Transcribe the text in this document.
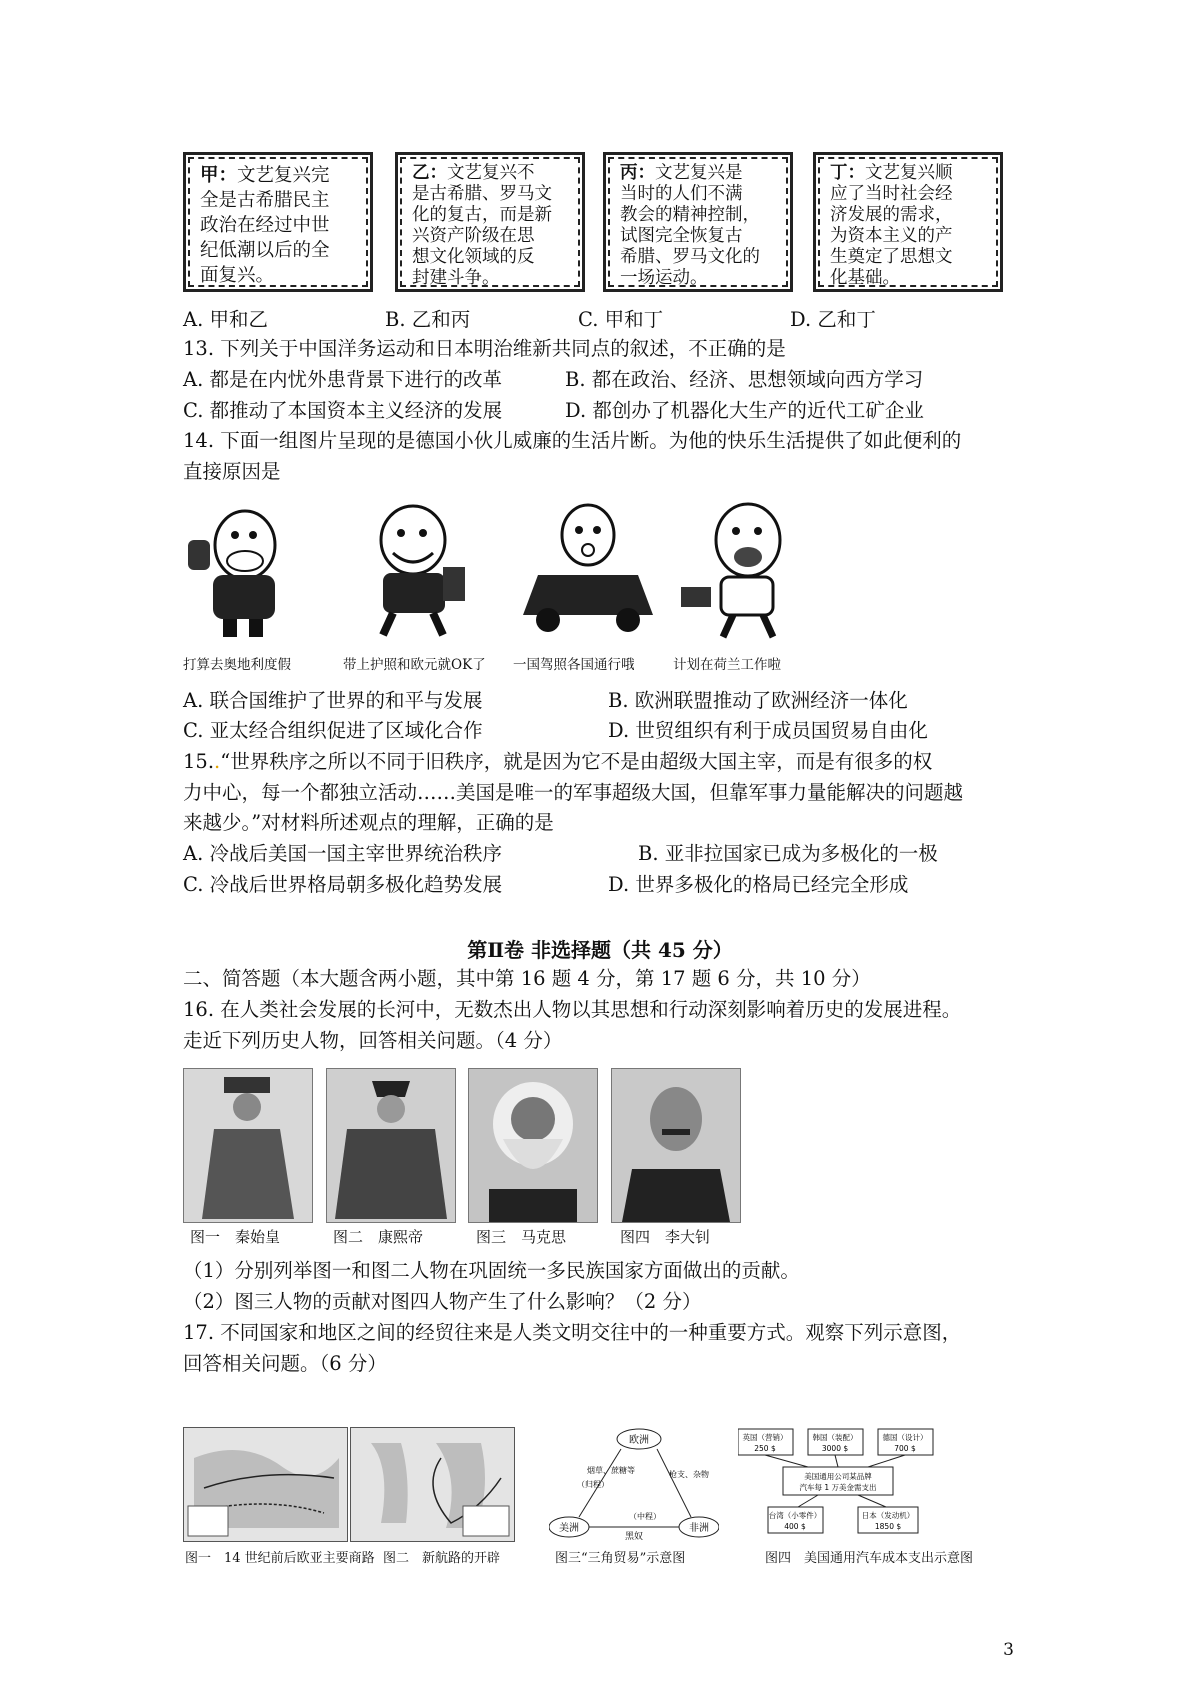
甲：文艺复兴完
全是古希腊民主
政治在经过中世
纪低潮以后的全
面复兴。
乙：文艺复兴不
是古希腊、罗马文
化的复古，而是新
兴资产阶级在思
想文化领域的反
封建斗争。
丙：文艺复兴是
当时的人们不满
教会的精神控制，
试图完全恢复古
希腊、罗马文化的
一场运动。
丁：文艺复兴顺
应了当时社会经
济发展的需求，
为资本主义的产
生奠定了思想文
化基础。
A. 甲和乙	B. 乙和丙	C. 甲和丁	D. 乙和丁
13. 下列关于中国洋务运动和日本明治维新共同点的叙述，不正确的是
A. 都是在内忧外患背景下进行的改革	B. 都在政治、经济、思想领域向西方学习
C. 都推动了本国资本主义经济的发展	D. 都创办了机器化大生产的近代工矿企业
14. 下面一组图片呈现的是德国小伙儿威廉的生活片断。为他的快乐生活提供了如此便利的
直接原因是
打算去奥地利度假	带上护照和欧元就OK了	一国驾照各国通行哦	计划在荷兰工作啦
A. 联合国维护了世界的和平与发展	B. 欧洲联盟推动了欧洲经济一体化
C. 亚太经合组织促进了区域化合作	D. 世贸组织有利于成员国贸易自由化
15..“世界秩序之所以不同于旧秩序，就是因为它不是由超级大国主宰，而是有很多的权
力中心，每一个都独立活动……美国是唯一的军事超级大国，但靠军事力量能解决的问题越
来越少。”对材料所述观点的理解，正确的是
A. 冷战后美国一国主宰世界统治秩序	B. 亚非拉国家已成为多极化的一极
C. 冷战后世界格局朝多极化趋势发展	D. 世界多极化的格局已经完全形成
第Ⅱ卷 非选择题（共 45 分）
二、简答题（本大题含两小题，其中第 16 题 4 分，第 17 题 6 分，共 10 分）
16. 在人类社会发展的长河中，无数杰出人物以其思想和行动深刻影响着历史的发展进程。
走近下列历史人物，回答相关问题。（4 分）
图一　秦始皇	图二　康熙帝	图三　马克思	图四　李大钊
（1）分别列举图一和图二人物在巩固统一多民族国家方面做出的贡献。
（2）图三人物的贡献对图四人物产生了什么影响？（2 分）
17. 不同国家和地区之间的经贸往来是人类文明交往中的一种重要方式。观察下列示意图，
回答相关问题。（6 分）
欧洲
美洲	非洲
烟草、蔗糖等
（归程）
枪支、杂物
（中程）
黑奴
英国（营销）
250 $
韩国（装配）
3000 $
德国（设计）
700 $
美国通用公司某品牌
汽车每 1 万美金需支出
台湾（小零件）
400 $
日本（发动机）
1850 $
图一　14 世纪前后欧亚主要商路 图二　新航路的开辟	图三“三角贸易”示意图	图四　美国通用汽车成本支出示意图
3
